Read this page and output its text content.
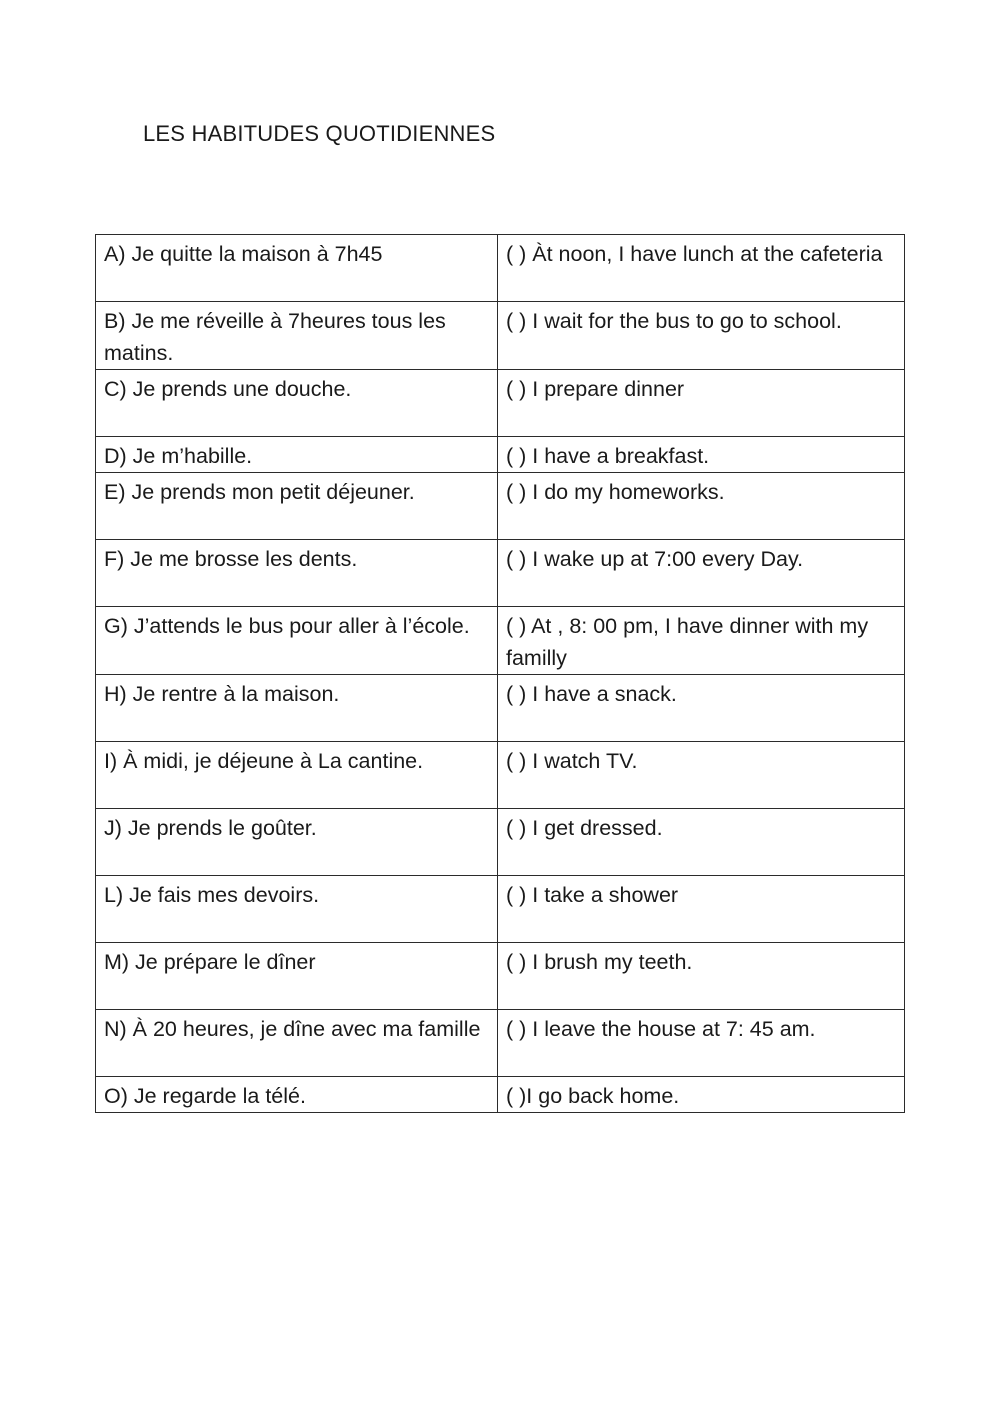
LES HABITUDES QUOTIDIENNES
A) Je quitte la maison à 7h45	( ) Àt noon, I have lunch at the cafeteria
B) Je me réveille à 7heures tous les matins.	( ) I wait for the bus to go to school.
C) Je prends une douche.	( ) I prepare dinner
D) Je m’habille.	( ) I have a breakfast.
E) Je prends mon petit déjeuner.	( ) I do my homeworks.
F) Je me brosse les dents.	( ) I wake up at 7:00 every Day.
G) J’attends le bus pour aller à l’école.	( ) At , 8: 00 pm, I have dinner with my familly
H) Je rentre à la maison.	( ) I have a snack.
I) À midi, je déjeune à La cantine.	( ) I watch TV.
J) Je prends le goûter.	( ) I get dressed.
L) Je fais mes devoirs.	( ) I take a shower
M) Je prépare le dîner	( ) I brush my teeth.
N) À 20 heures, je dîne avec ma famille	( ) I leave the house at 7: 45 am.
O) Je regarde la télé.	( )I go back home.
